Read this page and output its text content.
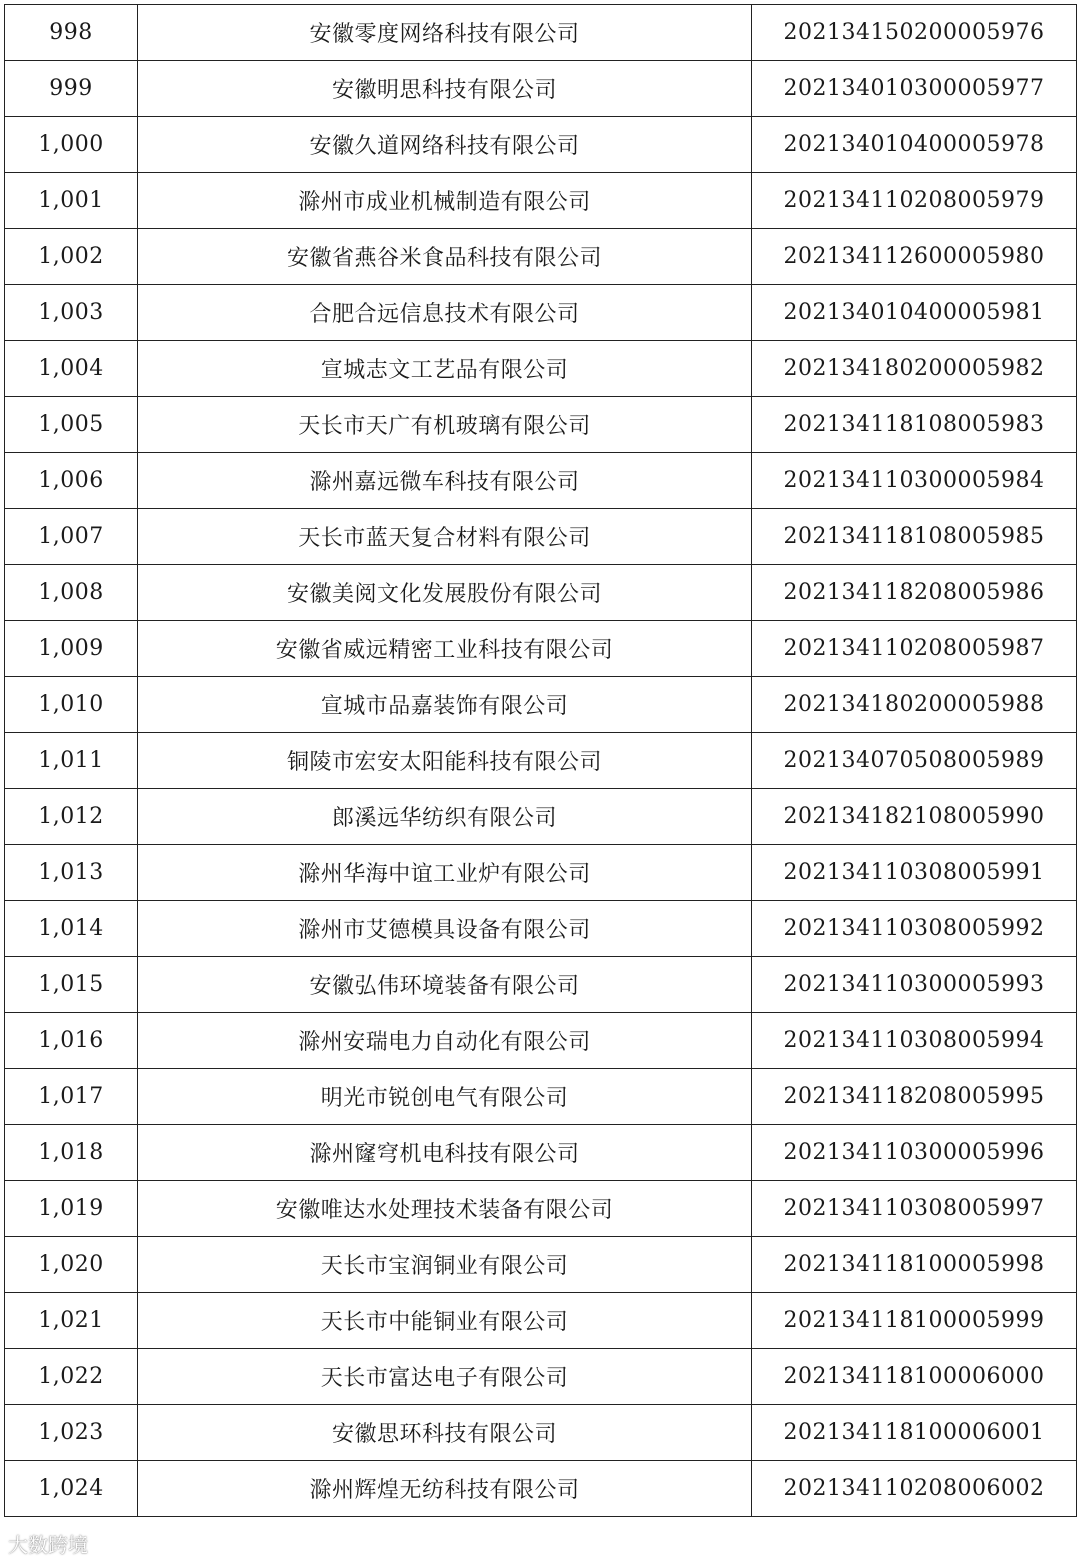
998	安徽零度网络科技有限公司	202134150200005976
999	安徽明思科技有限公司	202134010300005977
1,000	安徽久道网络科技有限公司	202134010400005978
1,001	滁州市成业机械制造有限公司	202134110208005979
1,002	安徽省燕谷米食品科技有限公司	202134112600005980
1,003	合肥合远信息技术有限公司	202134010400005981
1,004	宣城志文工艺品有限公司	202134180200005982
1,005	天长市天广有机玻璃有限公司	202134118108005983
1,006	滁州嘉远微车科技有限公司	202134110300005984
1,007	天长市蓝天复合材料有限公司	202134118108005985
1,008	安徽美阅文化发展股份有限公司	202134118208005986
1,009	安徽省威远精密工业科技有限公司	202134110208005987
1,010	宣城市品嘉装饰有限公司	202134180200005988
1,011	铜陵市宏安太阳能科技有限公司	202134070508005989
1,012	郎溪远华纺织有限公司	202134182108005990
1,013	滁州华海中谊工业炉有限公司	202134110308005991
1,014	滁州市艾德模具设备有限公司	202134110308005992
1,015	安徽弘伟环境装备有限公司	202134110300005993
1,016	滁州安瑞电力自动化有限公司	202134110308005994
1,017	明光市锐创电气有限公司	202134118208005995
1,018	滁州窿穹机电科技有限公司	202134110300005996
1,019	安徽唯达水处理技术装备有限公司	202134110308005997
1,020	天长市宝润铜业有限公司	202134118100005998
1,021	天长市中能铜业有限公司	202134118100005999
1,022	天长市富达电子有限公司	202134118100006000
1,023	安徽思环科技有限公司	202134118100006001
1,024	滁州辉煌无纺科技有限公司	202134110208006002
大数跨境
